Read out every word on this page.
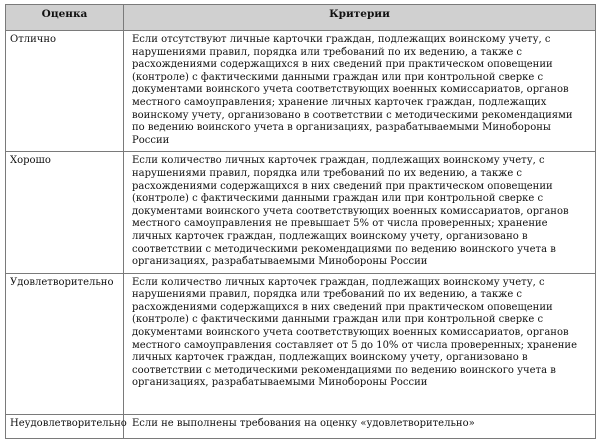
Оценка	Критерии
Отлично	Если отсутствуют личные карточки граждан, подлежащих воинскому учету, с нарушениями правил, порядка или требований по их ведению, а также с расхождениями содержащихся в них сведений при практическом оповещении (контроле) с фактическими данными граждан или при контрольной сверке с документами воинского учета соответствующих военных комиссариатов, органов местного самоуправления; хранение личных карточек граждан, подлежащих воинскому учету, организовано в соответствии с методическими рекомендациями по ведению воинского учета в организациях, разрабатываемыми Минобороны России
Хорошо	Если количество личных карточек граждан, подлежащих воинскому учету, с нарушениями правил, порядка или требований по их ведению, а также с расхождениями содержащихся в них сведений при практическом оповещении (контроле) с фактическими данными граждан или при контрольной сверке с документами воинского учета соответствующих военных комиссариатов, органов местного самоуправления не превышает 5% от числа проверенных; хранение личных карточек граждан, подлежащих воинскому учету, организовано в соответствии с методическими рекомендациями по ведению воинского учета в организациях, разрабатываемыми Минобороны России
Удовлетворительно	Если количество личных карточек граждан, подлежащих воинскому учету, с нарушениями правил, порядка или требований по их ведению, а также с расхождениями содержащихся в них сведений при практическом оповещении (контроле) с фактическими данными граждан или при контрольной сверке с документами воинского учета соответствующих военных комиссариатов, органов местного самоуправления составляет от 5 до 10% от числа проверенных; хранение личных карточек граждан, подлежащих воинскому учету, организовано в соответствии с методическими рекомендациями по ведению воинского учета в организациях, разрабатываемыми Минобороны России
Неудовлетворительно	Если не выполнены требования на оценку «удовлетворительно»
